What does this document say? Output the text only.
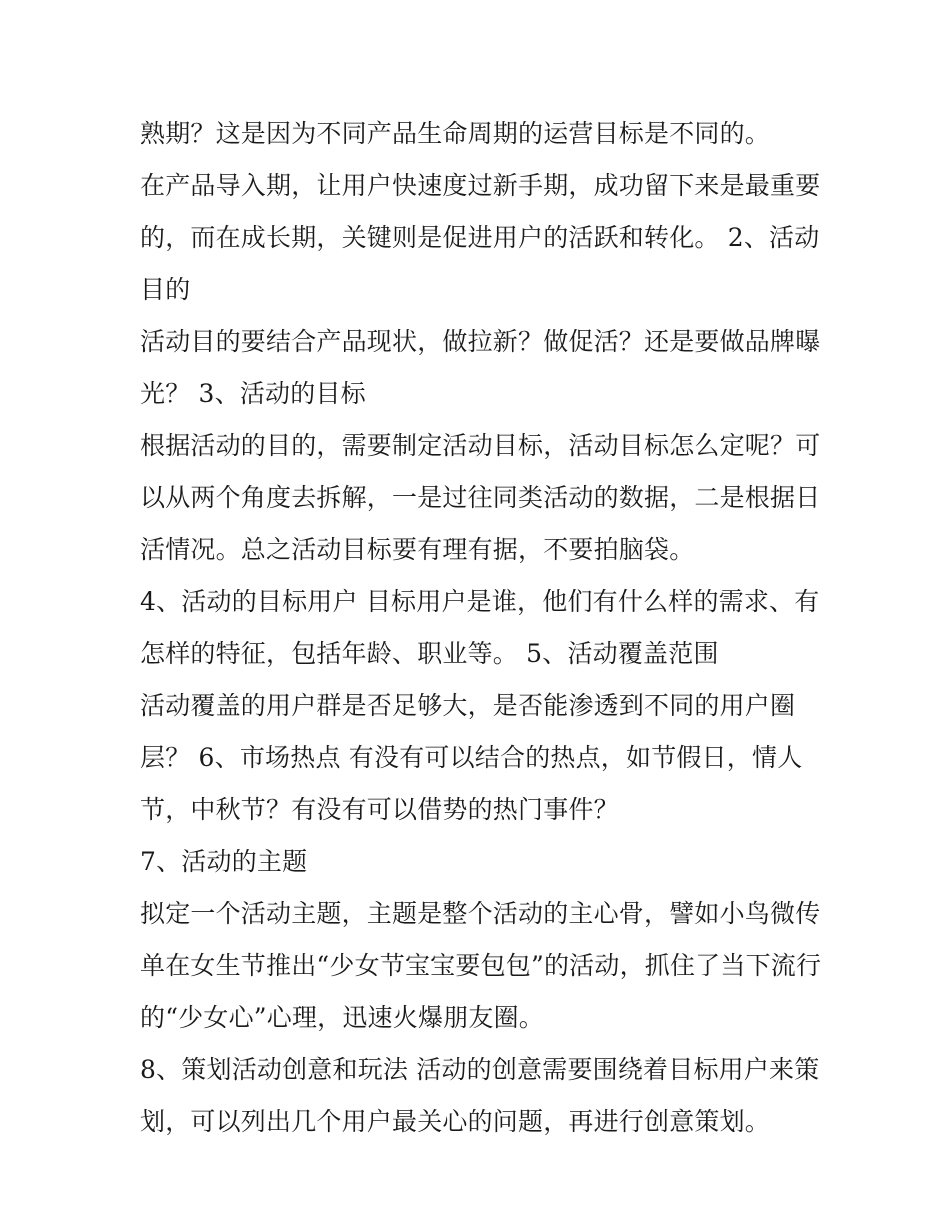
熟期？这是因为不同产品生命周期的运营目标是不同的。
在产品导入期，让用户快速度过新手期，成功留下来是最重要
的，而在成长期，关键则是促进用户的活跃和转化。 2、活动
目的
活动目的要结合产品现状，做拉新？做促活？还是要做品牌曝
光？ 3、活动的目标
根据活动的目的，需要制定活动目标，活动目标怎么定呢？可
以从两个角度去拆解，一是过往同类活动的数据，二是根据日
活情况。总之活动目标要有理有据，不要拍脑袋。
4、活动的目标用户 目标用户是谁，他们有什么样的需求、有
怎样的特征，包括年龄、职业等。 5、活动覆盖范围
活动覆盖的用户群是否足够大，是否能渗透到不同的用户圈
层？ 6、市场热点 有没有可以结合的热点，如节假日，情人
节，中秋节？有没有可以借势的热门事件？
7、活动的主题
拟定一个活动主题，主题是整个活动的主心骨，譬如小鸟微传
单在女生节推出“少女节宝宝要包包”的活动，抓住了当下流行
的“少女心”心理，迅速火爆朋友圈。
8、策划活动创意和玩法 活动的创意需要围绕着目标用户来策
划，可以列出几个用户最关心的问题，再进行创意策划。
